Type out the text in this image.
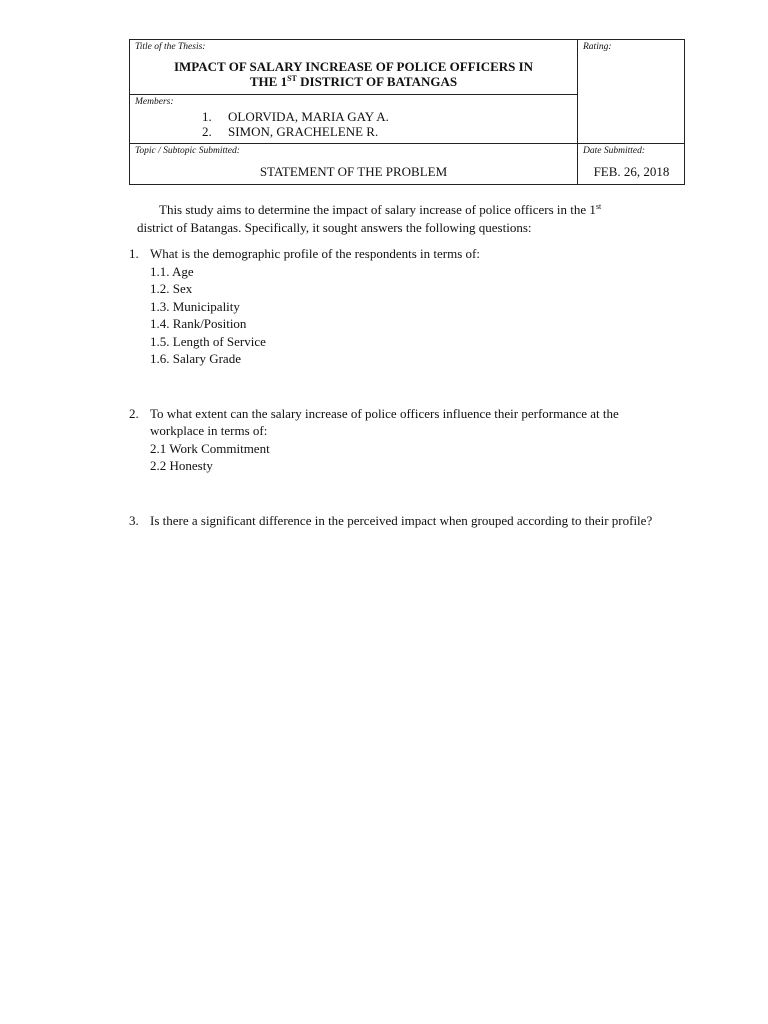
Title of the Thesis:
IMPACT OF SALARY INCREASE OF POLICE OFFICERS IN
THE 1ST DISTRICT OF BATANGAS
Rating:
Members:
1.	OLORVIDA, MARIA GAY A.
2.	SIMON, GRACHELENE R.
Topic / Subtopic Submitted:
STATEMENT OF THE PROBLEM
Date Submitted:
FEB. 26, 2018

This study aims to determine the impact of salary increase of police officers in the 1st
district of Batangas. Specifically, it sought answers the following questions:

1. What is the demographic profile of the respondents in terms of:
1.1. Age
1.2. Sex
1.3. Municipality
1.4. Rank/Position
1.5. Length of Service
1.6. Salary Grade
2. To what extent can the salary increase of police officers influence their performance at the workplace in terms of:
2.1 Work Commitment
2.2 Honesty
3. Is there a significant difference in the perceived impact when grouped according to their profile?
